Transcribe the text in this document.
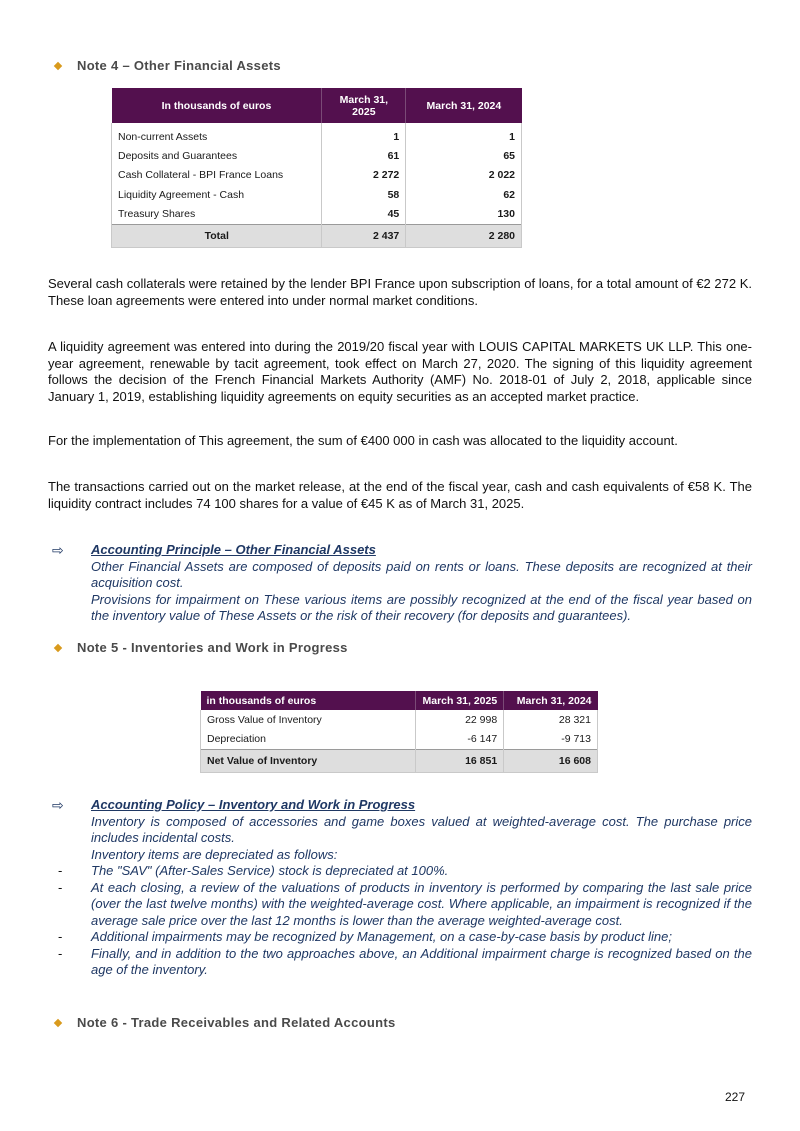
Note 4 – Other Financial Assets
In thousands of euros	March 31, 2025	March 31, 2024
Non-current Assets	1	1
Deposits and Guarantees	61	65
Cash Collateral - BPI France Loans	2 272	2 022
Liquidity Agreement - Cash	58	62
Treasury Shares	45	130
Total	2 437	2 280
Several cash collaterals were retained by the lender BPI France upon subscription of loans, for a total amount of €2 272 K. These loan agreements were entered into under normal market conditions.
A liquidity agreement was entered into during the 2019/20 fiscal year with LOUIS CAPITAL MARKETS UK LLP. This one-year agreement, renewable by tacit agreement, took effect on March 27, 2020. The signing of this liquidity agreement follows the decision of the French Financial Markets Authority (AMF) No. 2018-01 of July 2, 2018, applicable since January 1, 2019, establishing liquidity agreements on equity securities as an accepted market practice.
For the implementation of This agreement, the sum of €400 000 in cash was allocated to the liquidity account.
The transactions carried out on the market release, at the end of the fiscal year, cash and cash equivalents of €58 K. The liquidity contract includes 74 100 shares for a value of €45 K as of March 31, 2025.
⇨	Accounting Principle – Other Financial Assets
Other Financial Assets are composed of deposits paid on rents or loans. These deposits are recognized at their acquisition cost.
Provisions for impairment on These various items are possibly recognized at the end of the fiscal year based on the inventory value of These Assets or the risk of their recovery (for deposits and guarantees).
Note 5 - Inventories and Work in Progress
in thousands of euros	March 31, 2025	March 31, 2024
Gross Value of Inventory	22 998	28 321
Depreciation	-6 147	-9 713
Net Value of Inventory	16 851	16 608
⇨	Accounting Policy – Inventory and Work in Progress
Inventory is composed of accessories and game boxes valued at weighted-average cost. The purchase price includes incidental costs.
Inventory items are depreciated as follows:
-	The "SAV" (After-Sales Service) stock is depreciated at 100%.
-	At each closing, a review of the valuations of products in inventory is performed by comparing the last sale price (over the last twelve months) with the weighted-average cost. Where applicable, an impairment is recognized if the average sale price over the last 12 months is lower than the average weighted-average cost.
-	Additional impairments may be recognized by Management, on a case-by-case basis by product line;
-	Finally, and in addition to the two approaches above, an Additional impairment charge is recognized based on the age of the inventory.
Note 6 - Trade Receivables and Related Accounts
227
